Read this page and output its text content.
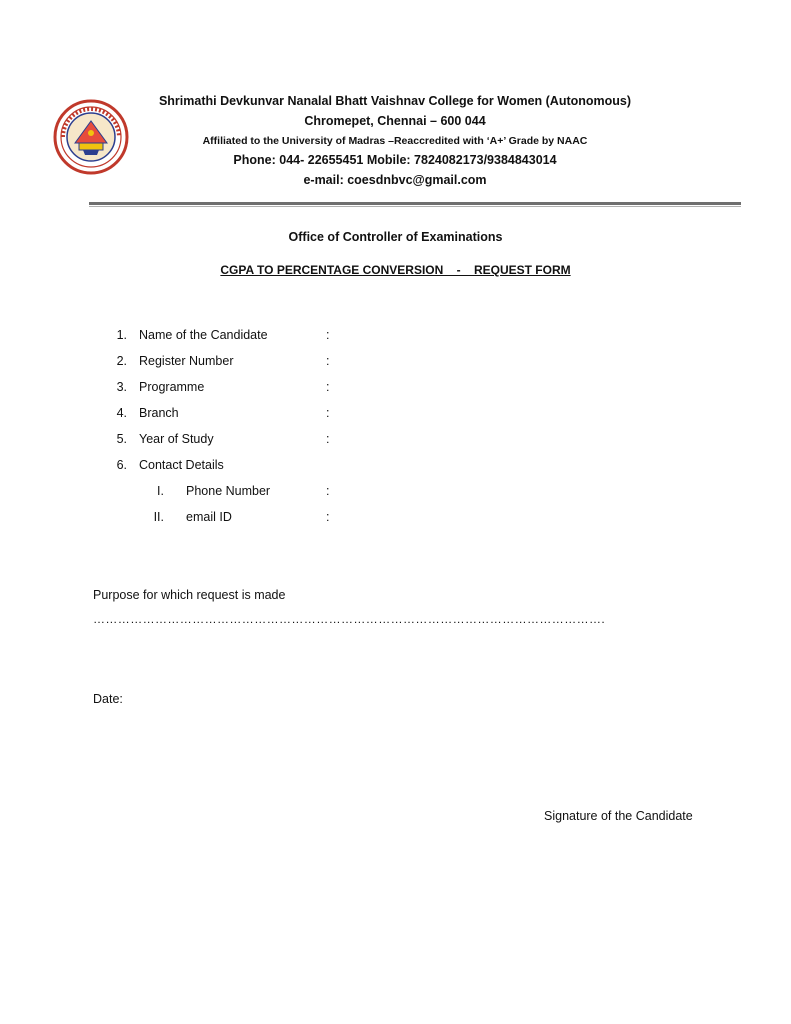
Shrimathi Devkunvar Nanalal Bhatt Vaishnav College for Women (Autonomous)
Chromepet, Chennai – 600 044
Affiliated to the University of Madras –Reaccredited with ‘A+’ Grade by NAAC
Phone: 044- 22655451 Mobile: 7824082173/9384843014
e-mail: coesdnbvc@gmail.com
Office of Controller of Examinations
CGPA TO PERCENTAGE CONVERSION    -    REQUEST FORM
1. Name of the Candidate	:
2. Register Number	:
3. Programme	:
4. Branch	:
5. Year of Study	:
6. Contact Details
I. Phone Number	:
II. email ID	:
Purpose for which request is made
…………………………………………………………………………………………………………….
Date:
Signature of the Candidate
